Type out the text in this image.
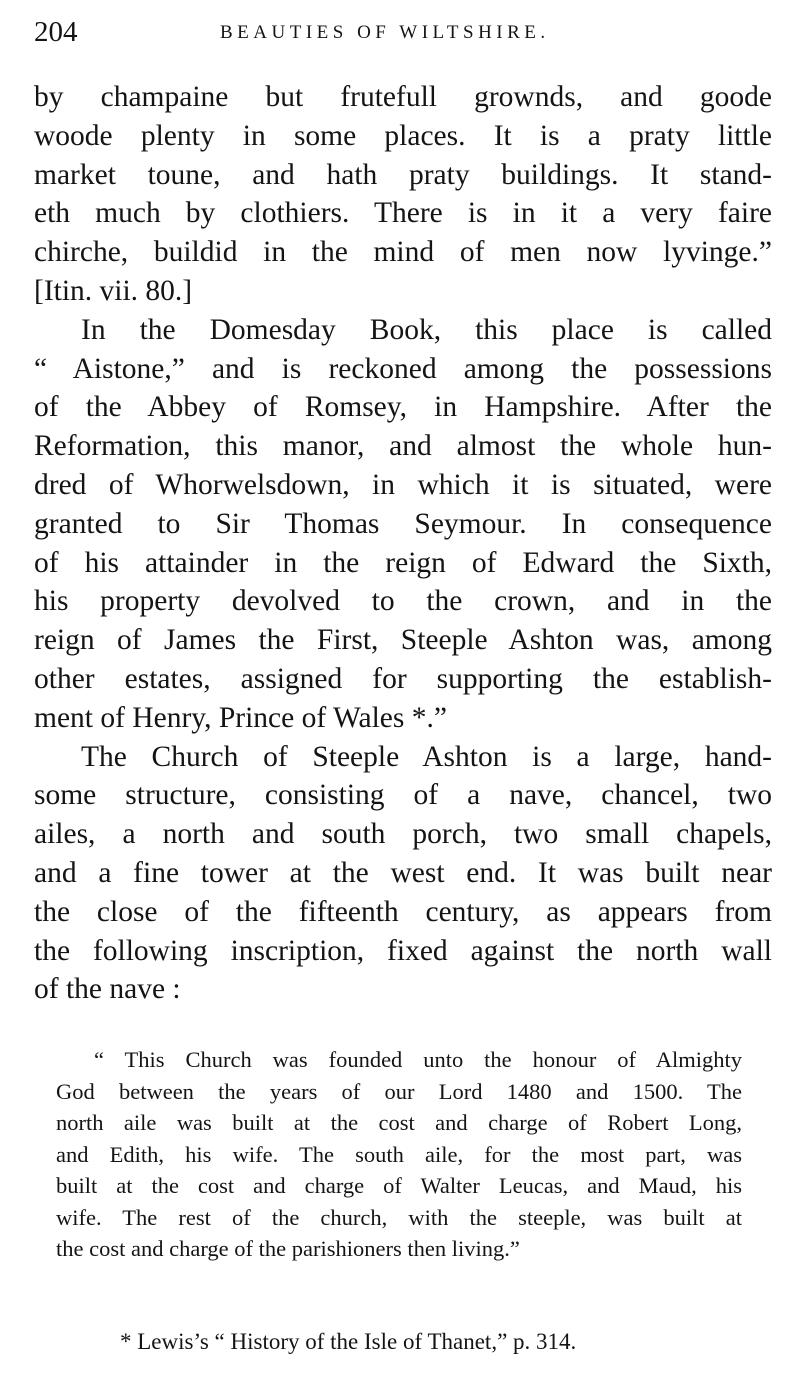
204	BEAUTIES OF WILTSHIRE.
by champaine but frutefull grownds, and goode
woode plenty in some places. It is a praty little
market toune, and hath praty buildings. It stand-
eth much by clothiers. There is in it a very faire
chirche, buildid in the mind of men now lyvinge.”
[Itin. vii. 80.]
In the Domesday Book, this place is called
“ Aistone,” and is reckoned among the possessions
of the Abbey of Romsey, in Hampshire. After the
Reformation, this manor, and almost the whole hun-
dred of Whorwelsdown, in which it is situated, were
granted to Sir Thomas Seymour. In consequence
of his attainder in the reign of Edward the Sixth,
his property devolved to the crown, and in the
reign of James the First, Steeple Ashton was, among
other estates, assigned for supporting the establish-
ment of Henry, Prince of Wales *.”
The Church of Steeple Ashton is a large, hand-
some structure, consisting of a nave, chancel, two
ailes, a north and south porch, two small chapels,
and a fine tower at the west end. It was built near
the close of the fifteenth century, as appears from
the following inscription, fixed against the north wall
of the nave :
“ This Church was founded unto the honour of Almighty
God between the years of our Lord 1480 and 1500. The
north aile was built at the cost and charge of Robert Long,
and Edith, his wife. The south aile, for the most part, was
built at the cost and charge of Walter Leucas, and Maud, his
wife. The rest of the church, with the steeple, was built at
the cost and charge of the parishioners then living.”
* Lewis’s “ History of the Isle of Thanet,” p. 314.
